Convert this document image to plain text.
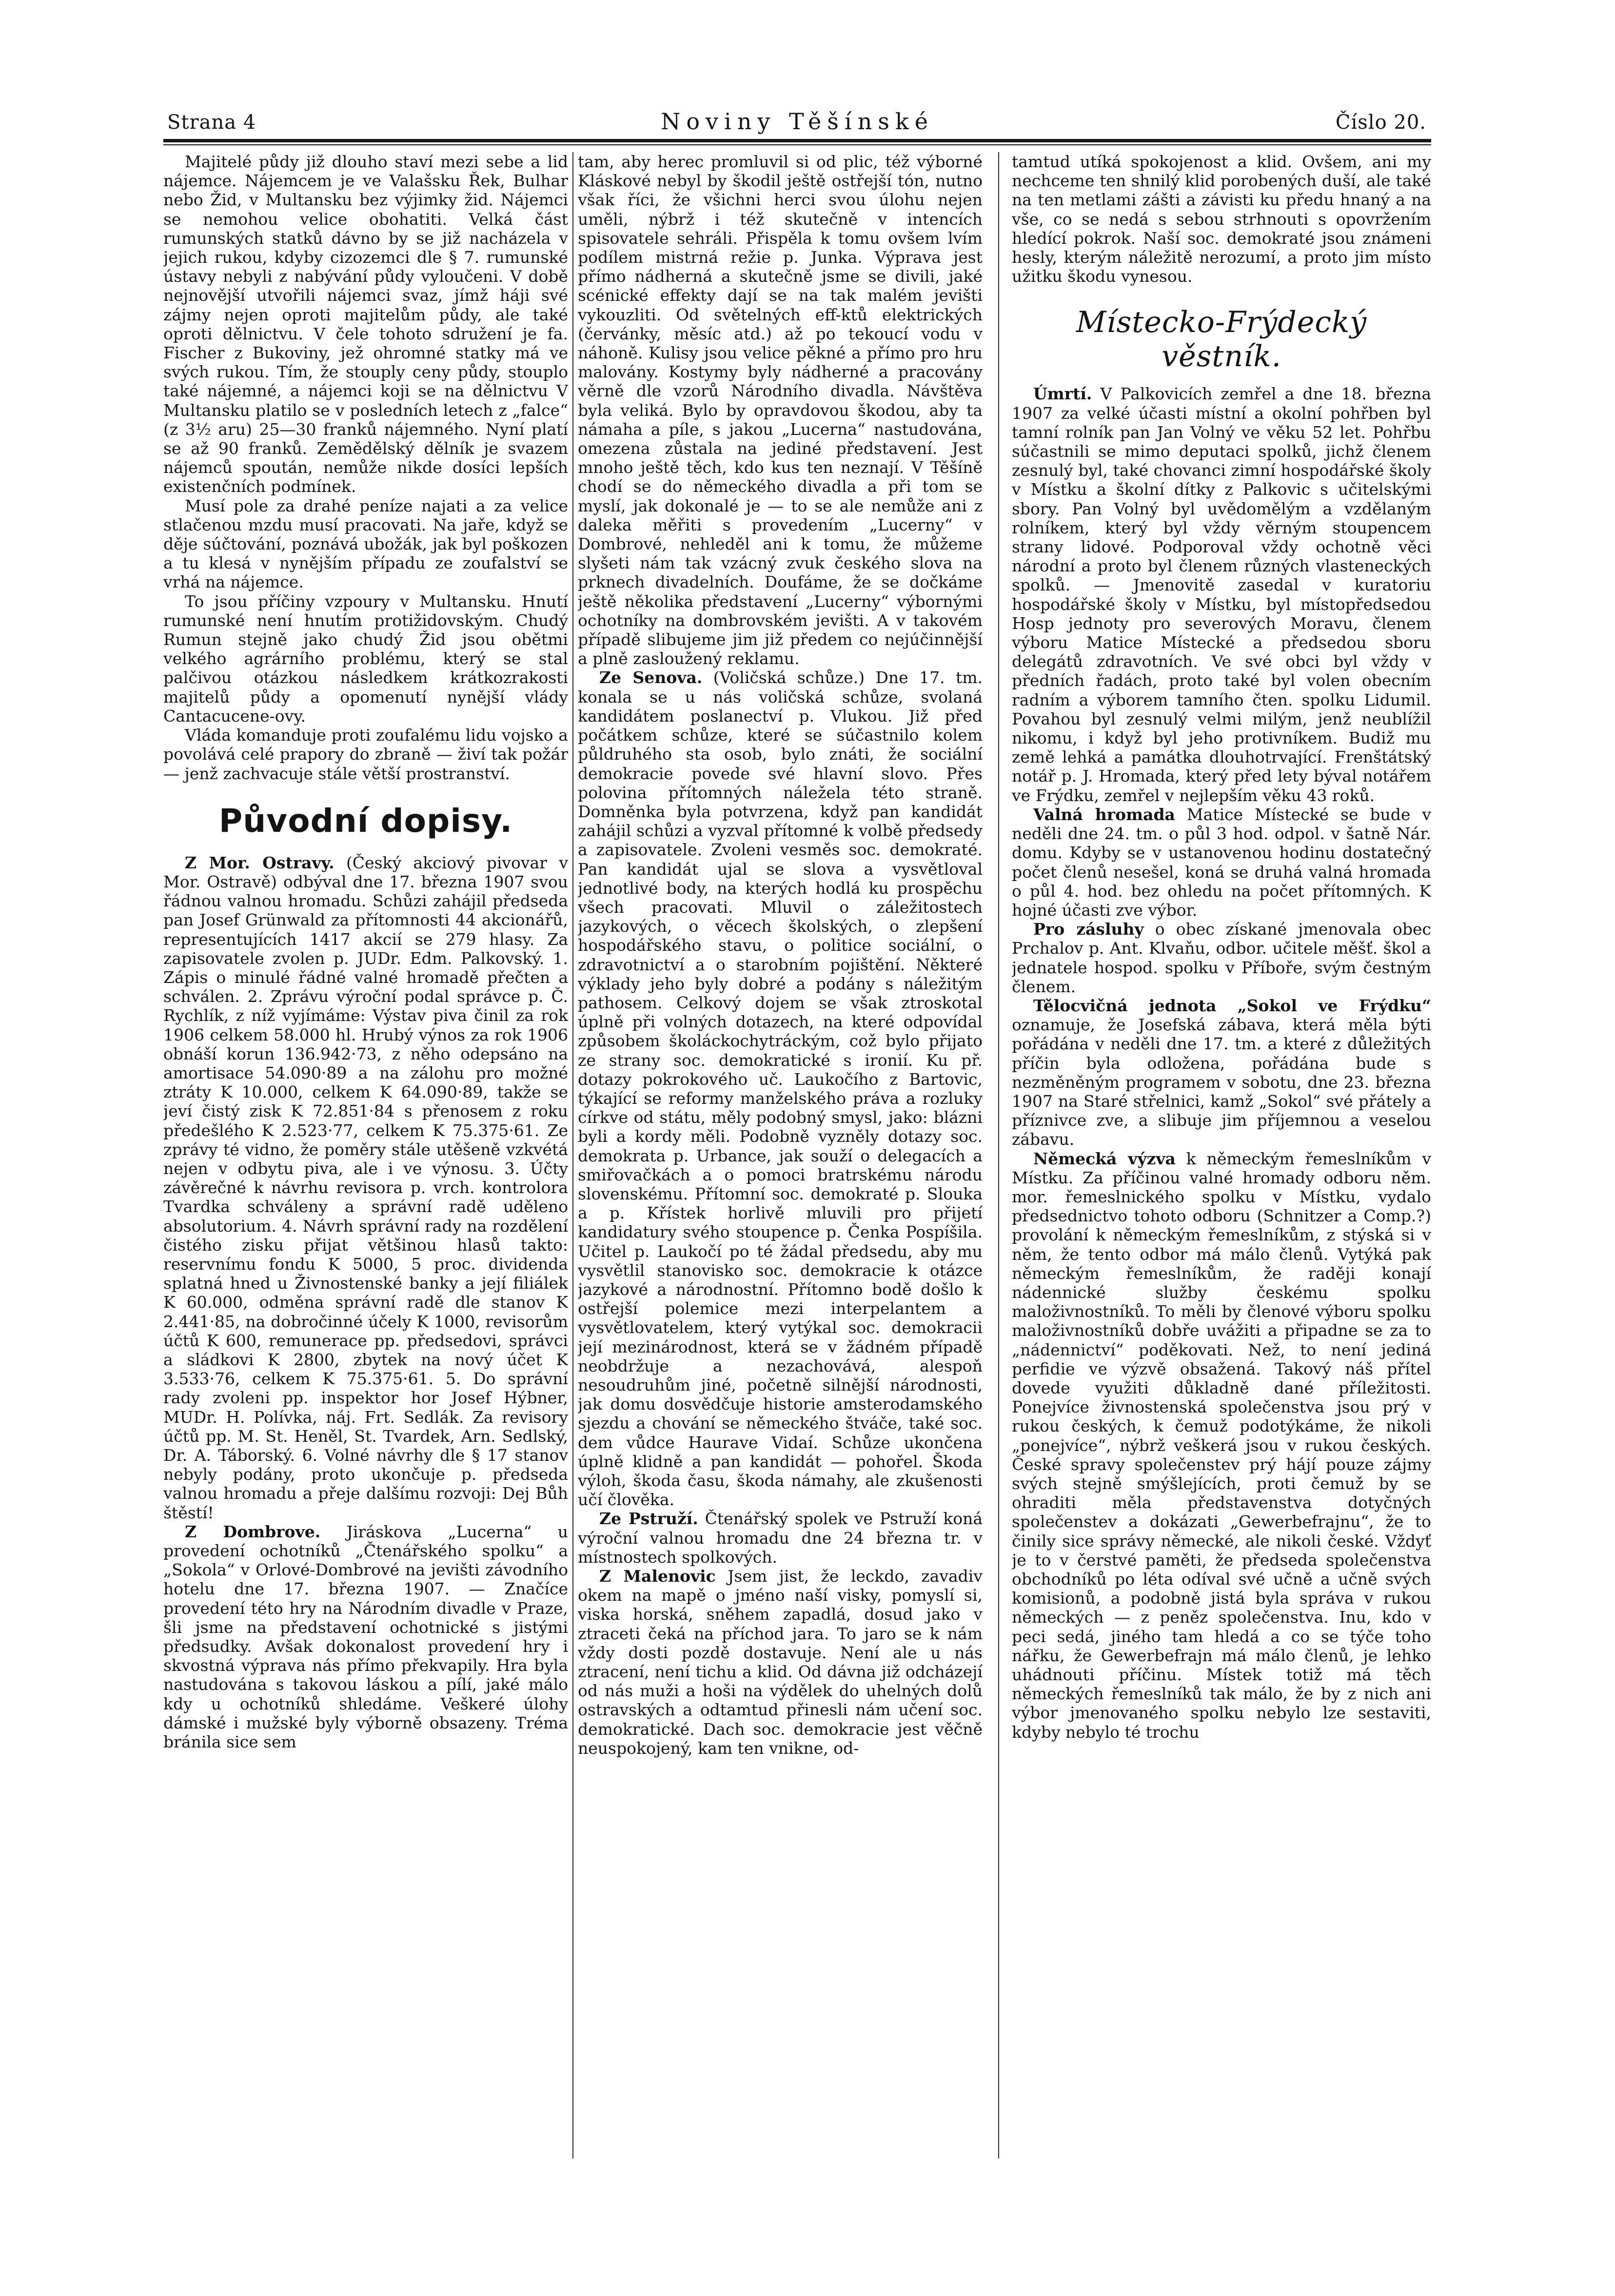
Strana 4	Noviny Těšínské	Číslo 20.

Majitelé půdy již dlouho staví mezi sebe a lid nájemce. Nájemcem je ve Valašsku Řek, Bulhar nebo Žid, v Multansku bez výjimky žid. Nájemci se nemohou velice obohatiti. Velká část rumunských statků dávno by se již nacházela v jejich rukou, kdyby cizozemci dle § 7. rumunské ústavy nebyli z nabývání půdy vyloučeni. V době nejnovější utvořili nájemci svaz, jímž háji své zájmy nejen oproti majitelům půdy, ale také oproti dělnictvu. V čele tohoto sdružení je fa. Fischer z Bukoviny, jež ohromné statky má ve svých rukou. Tím, že stouply ceny půdy, stouplo také nájemné, a nájemci koji se na dělnictvu V Multansku platilo se v posledních letech z „falce“ (z 3½ aru) 25—30 franků nájemného. Nyní platí se až 90 franků. Zemědělský dělník je svazem nájemců spoután, nemůže nikde dosíci lepších existenčních podmínek.

Musí pole za drahé peníze najati a za velice stlačenou mzdu musí pracovati. Na jaře, když se děje súčtování, poznává ubožák, jak byl poškozen a tu klesá v nynějším případu ze zoufalství se vrhá na nájemce.

To jsou příčiny vzpoury v Multansku. Hnutí rumunské není hnutím protižidovským. Chudý Rumun stejně jako chudý Žid jsou obětmi velkého agrárního problému, který se stal palčivou otázkou následkem krátkozrakosti majitelů půdy a opomenutí nynější vlády Cantacucene-ovy.

Vláda komanduje proti zoufalému lidu vojsko a povolává celé prapory do zbraně — živí tak požár — jenž zachvacuje stále větší prostranství.

Původní dopisy.

Z Mor. Ostravy. (Český akciový pivovar v Mor. Ostravě) odbýval dne 17. března 1907 svou řádnou valnou hromadu. Schůzi zahájil předseda pan Josef Grünwald za přítomnosti 44 akcionářů, representujících 1417 akcií se 279 hlasy. Za zapisovatele zvolen p. JUDr. Edm. Palkovský. 1. Zápis o minulé řádné valné hromadě přečten a schválen. 2. Zprávu výroční podal správce p. Č. Rychlík, z níž vyjímáme: Výstav piva činil za rok 1906 celkem 58.000 hl. Hrubý výnos za rok 1906 obnáší korun 136.942·73, z něho odepsáno na amortisace 54.090·89 a na zálohu pro možné ztráty K 10.000, celkem K 64.090·89, takže se jeví čistý zisk K 72.851·84 s přenosem z roku předešlého K 2.523·77, celkem K 75.375·61. Ze zprávy té vidno, že poměry stále utěšeně vzkvétá nejen v odbytu piva, ale i ve výnosu. 3. Účty závěrečné k návrhu revisora p. vrch. kontrolora Tvardka schváleny a správní radě uděleno absolutorium. 4. Návrh správní rady na rozdělení čistého zisku přijat většinou hlasů takto: reservnímu fondu K 5000, 5 proc. dividenda splatná hned u Živnostenské banky a její filiálek K 60.000, odměna správní radě dle stanov K 2.441·85, na dobročinné účely K 1000, revisorům účtů K 600, remunerace pp. předsedovi, správci a sládkovi K 2800, zbytek na nový účet K 3.533·76, celkem K 75.375·61. 5. Do správní rady zvoleni pp. inspektor hor Josef Hýbner, MUDr. H. Polívka, náj. Frt. Sedlák. Za revisory účtů pp. M. St. Heněl, St. Tvardek, Arn. Sedlský, Dr. A. Táborský. 6. Volné návrhy dle § 17 stanov nebyly podány, proto ukončuje p. předseda valnou hromadu a přeje dalšímu rozvoji: Dej Bůh štěstí!

Z Dombrove. Jiráskova „Lucerna“ u provedení ochotníků „Čtenářského spolku“ a „Sokola“ v Orlové-Dombrové na jevišti závodního hotelu dne 17. března 1907. — Značíce provedení této hry na Národním divadle v Praze, šli jsme na představení ochotnické s jistými předsudky. Avšak dokonalost provedení hry i skvostná výprava nás přímo překvapily. Hra byla nastudována s takovou láskou a pílí, jaké málo kdy u ochotníků shledáme. Veškeré úlohy dámské i mužské byly výborně obsazeny. Tréma bránila sice sem

tam, aby herec promluvil si od plic, též výborné Kláskové nebyl by škodil ještě ostřejší tón, nutno však říci, že všichni herci svou úlohu nejen uměli, nýbrž i též skutečně v intencích spisovatele sehráli. Přispěla k tomu ovšem lvím podílem mistrná režie p. Junka. Výprava jest přímo nádherná a skutečně jsme se divili, jaké scénické effekty dají se na tak malém jevišti vykouzliti. Od světelných eff-ktů elektrických (červánky, měsíc atd.) až po tekoucí vodu v náhoně. Kulisy jsou velice pěkné a přímo pro hru malovány. Kostymy byly nádherné a pracovány věrně dle vzorů Národního divadla. Návštěva byla veliká. Bylo by opravdovou škodou, aby ta námaha a píle, s jakou „Lucerna“ nastudována, omezena zůstala na jediné představení. Jest mnoho ještě těch, kdo kus ten neznají. V Těšíně chodí se do německého divadla a při tom se myslí, jak dokonalé je — to se ale nemůže ani z daleka měřiti s provedením „Lucerny“ v Dombrové, nehleděl ani k tomu, že můžeme slyšeti nám tak vzácný zvuk českého slova na prknech divadelních. Doufáme, že se dočkáme ještě několika představení „Lucerny“ výbornými ochotníky na dombrovském jevišti. A v takovém případě slibujeme jim již předem co nejúčinnější a plně zasloužený reklamu.

Ze Senova. (Voličská schůze.) Dne 17. tm. konala se u nás voličská schůze, svolaná kandidátem poslanectví p. Vlukou. Již před počátkem schůze, které se súčastnilo kolem půldruhého sta osob, bylo znáti, že sociální demokracie povede své hlavní slovo. Přes polovina přítomných náležela této straně. Domněnka byla potvrzena, když pan kandidát zahájil schůzi a vyzval přítomné k volbě předsedy a zapisovatele. Zvoleni vesměs soc. demokraté. Pan kandidát ujal se slova a vysvětloval jednotlivé body, na kterých hodlá ku prospěchu všech pracovati. Mluvil o záležitostech jazykových, o věcech školských, o zlepšení hospodářského stavu, o politice sociální, o zdravotnictví a o starobním pojištění. Některé výklady jeho byly dobré a podány s náležitým pathosem. Celkový dojem se však ztroskotal úplně při volných dotazech, na které odpovídal způsobem školáckochytráckým, což bylo přijato ze strany soc. demokratické s ironií. Ku př. dotazy pokrokového uč. Laukočího z Bartovic, týkající se reformy manželského práva a rozluky církve od státu, měly podobný smysl, jako: blázni byli a kordy měli. Podobně vyzněly dotazy soc. demokrata p. Urbance, jak souží o delegacích a smiřovačkách a o pomoci bratrskému národu slovenskému. Přítomní soc. demokraté p. Slouka a p. Křístek horlivě mluvili pro přijetí kandidatury svého stoupence p. Čenka Pospíšila. Učitel p. Laukočí po té žádal předsedu, aby mu vysvětlil stanovisko soc. demokracie k otázce jazykové a národnostní. Přítomno bodě došlo k ostřejší polemice mezi interpelantem a vysvětlovatelem, který vytýkal soc. demokracii její mezinárodnost, která se v žádném případě neobdržuje a nezachovává, alespoň nesoudruhům jiné, početně silnější národnosti, jak domu dosvědčuje historie amsterodamského sjezdu a chování se německého štváče, také soc. dem vůdce Haurave Vidaí. Schůze ukončena úplně klidně a pan kandidát — pohořel. Škoda výloh, škoda času, škoda námahy, ale zkušenosti učí člověka.

Ze Pstruží. Čtenářský spolek ve Pstruží koná výroční valnou hromadu dne 24 března tr. v místnostech spolkových.

Z Malenovic Jsem jist, že leckdo, zavadiv okem na mapě o jméno naší visky, pomyslí si, viska horská, sněhem zapadlá, dosud jako v ztraceti čeká na příchod jara. To jaro se k nám vždy dosti pozdě dostavuje. Není ale u nás ztracení, není tichu a klid. Od dávna již odcházejí od nás muži a hoši na výdělek do uhelných dolů ostravských a odtamtud přinesli nám učení soc. demokratické. Dach soc. demokracie jest věčně neuspokojený, kam ten vnikne, od-

tamtud utíká spokojenost a klid. Ovšem, ani my nechceme ten shnilý klid porobených duší, ale také na ten metlami zášti a závisti ku předu hnaný a na vše, co se nedá s sebou strhnouti s opovržením hledící pokrok. Naší soc. demokraté jsou známeni hesly, kterým náležitě nerozumí, a proto jim místo užitku škodu vynesou.

Místecko-Frýdecký věstník.

Úmrtí. V Palkovicích zemřel a dne 18. března 1907 za velké účasti místní a okolní pohřben byl tamní rolník pan Jan Volný ve věku 52 let. Pohřbu súčastnili se mimo deputaci spolků, jichž členem zesnulý byl, také chovanci zimní hospodářské školy v Místku a školní dítky z Palkovic s učitelskými sbory. Pan Volný byl uvědomělým a vzdělaným rolníkem, který byl vždy věrným stoupencem strany lidové. Podporoval vždy ochotně věci národní a proto byl členem různých vlasteneckých spolků. — Jmenovitě zasedal v kuratoriu hospodářské školy v Místku, byl místopředsedou Hosp jednoty pro severových Moravu, členem výboru Matice Místecké a předsedou sboru delegátů zdravotních. Ve své obci byl vždy v předních řadách, proto také byl volen obecním radním a výborem tamního čten. spolku Lidumil. Povahou byl zesnulý velmi milým, jenž neublížil nikomu, i když byl jeho protivníkem. Budiž mu země lehká a památka dlouhotrvající. Frenštátský notář p. J. Hromada, který před lety býval notářem ve Frýdku, zemřel v nejlepším věku 43 roků.

Valná hromada Matice Místecké se bude v neděli dne 24. tm. o půl 3 hod. odpol. v šatně Nár. domu. Kdyby se v ustanovenou hodinu dostatečný počet členů nesešel, koná se druhá valná hromada o půl 4. hod. bez ohledu na počet přítomných. K hojné účasti zve výbor.

Pro zásluhy o obec získané jmenovala obec Prchalov p. Ant. Klvaňu, odbor. učitele měšť. škol a jednatele hospod. spolku v Příboře, svým čestným členem.

Tělocvičná jednota „Sokol ve Frýdku“ oznamuje, že Josefská zábava, která měla býti pořádána v neděli dne 17. tm. a které z důležitých příčin byla odložena, pořádána bude s nezměněným programem v sobotu, dne 23. března 1907 na Staré střelnici, kamž „Sokol“ své přátely a příznivce zve, a slibuje jim příjemnou a veselou zábavu.

Německá výzva k německým řemeslníkům v Místku. Za příčinou valné hromady odboru něm. mor. řemeslnického spolku v Místku, vydalo předsednictvo tohoto odboru (Schnitzer a Comp.?) provolání k německým řemeslníkům, z stýská si v něm, že tento odbor má málo členů. Vytýká pak německým řemeslníkům, že raději konají nádennické služby českému spolku maloživnostníků. To měli by členové výboru spolku maloživnostníků dobře uvážiti a připadne se za to „nádennictví“ poděkovati. Než, to není jediná perfidie ve výzvě obsažená. Takový náš přítel dovede využiti důkladně dané příležitosti. Ponejvíce živnostenská společenstva jsou prý v rukou českých, k čemuž podotýkáme, že nikoli „ponejvíce“, nýbrž veškerá jsou v rukou českých. České spravy společenstev prý hájí pouze zájmy svých stejně smýšlejících, proti čemuž by se ohraditi měla představenstva dotyčných společenstev a dokázati „Gewerbefrajnu“, že to činily sice správy německé, ale nikoli české. Vždyť je to v čerstvé paměti, že předseda společenstva obchodníků po léta odíval své učně a učně svých komisionů, a podobně jistá byla správa v rukou německých — z peněz společenstva. Inu, kdo v peci sedá, jiného tam hledá a co se týče toho nářku, že Gewerbefrajn má málo členů, je lehko uhádnouti příčinu. Místek totiž má těch německých řemeslníků tak málo, že by z nich ani výbor jmenovaného spolku nebylo lze sestaviti, kdyby nebylo té trochu
